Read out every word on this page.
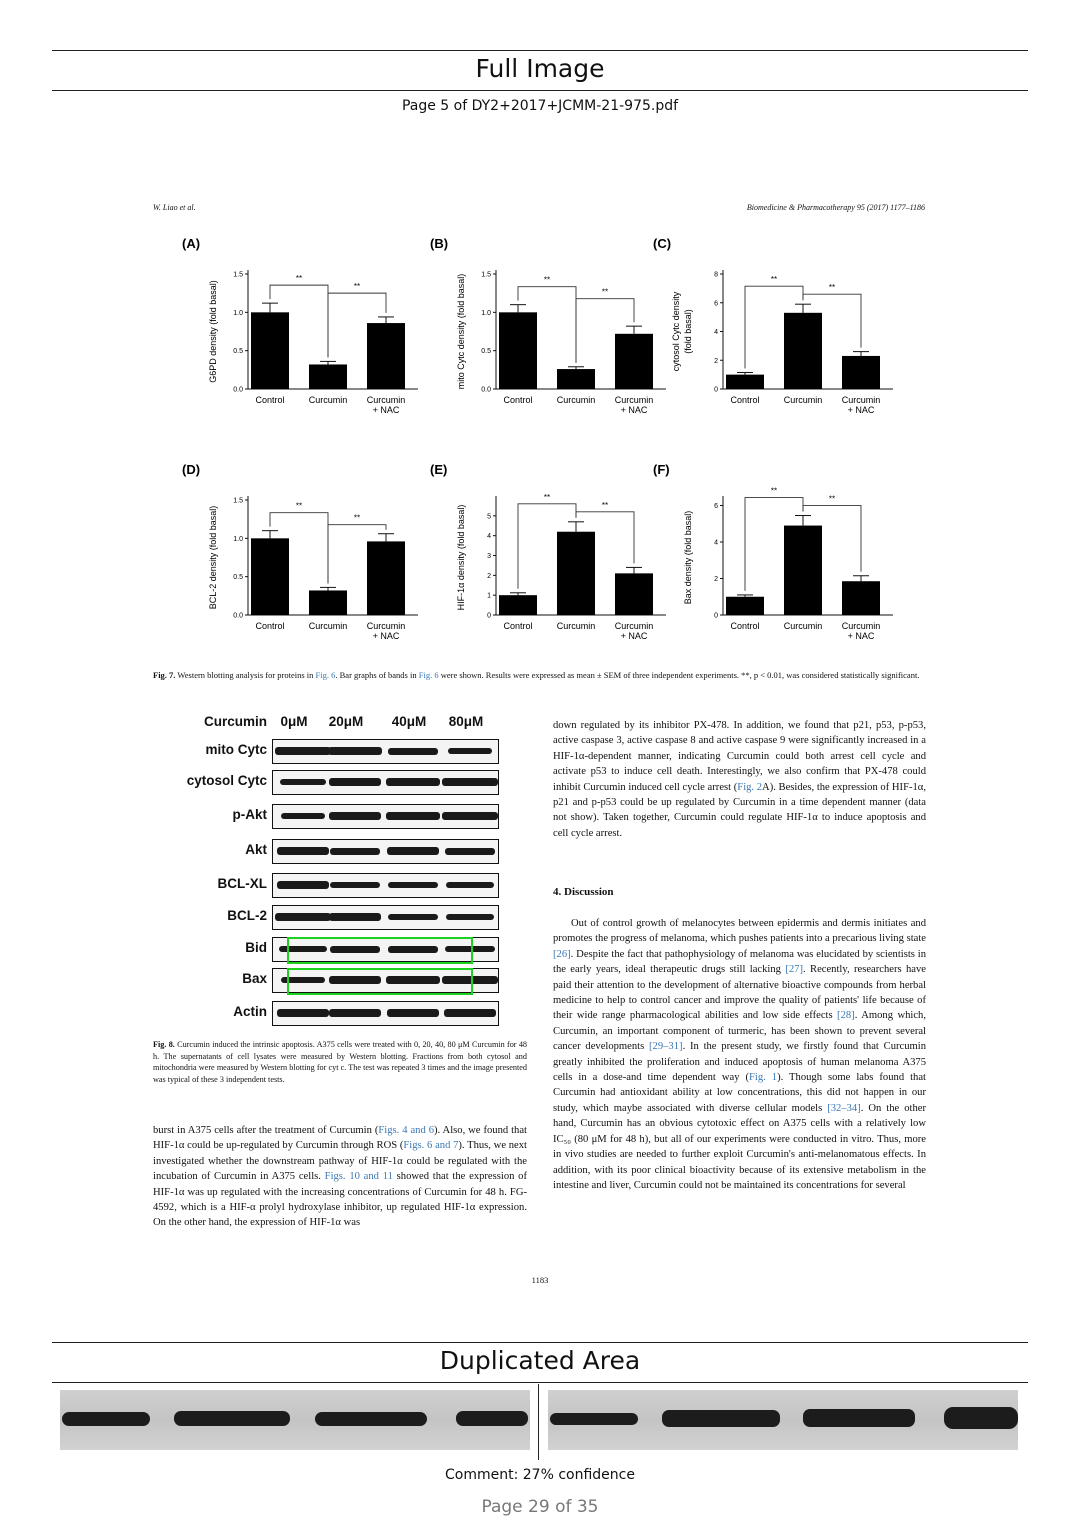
Full Image
Page 5 of DY2+2017+JCMM-21-975.pdf
W. Liao et al.	Biomedicine & Pharmacotherapy 95 (2017) 1177–1186
(A)
0.0
0.5
1.0
1.5
G6PD density (fold basal)
Control	Curcumin Curcumin
+ NAC
**
**
(B)
0.0
0.5
1.0
1.5
mito Cytc density (fold basal)
Control	Curcumin Curcumin
+ NAC
**
**
(C)
0
2
4
6
8
cytosol Cytc density (fold basal)
Control	Curcumin Curcumin
+ NAC
**
**
(D)
0.0
0.5
1.0
1.5
BCL-2 density (fold basal)
Control	Curcumin Curcumin
+ NAC
**
**
(E)
0
1
2
3
4
5
HIF-1α density (fold basal)
Control	Curcumin Curcumin
+ NAC
**
**
(F)
0
2
4
6
Bax density (fold basal)
Control	Curcumin Curcumin
+ NAC
**
**
Fig. 7. Western blotting analysis for proteins in Fig. 6. Bar graphs of bands in Fig. 6 were shown. Results were expressed as mean ± SEM of three independent experiments. **, p < 0.01, was considered statistically significant.
Curcumin 0μM	20μM	40μM	80μM
mito Cytc
cytosol Cytc
p-Akt
Akt
BCL-XL
BCL-2
Bid
Bax
Actin
Fig. 8. Curcumin induced the intrinsic apoptosis. A375 cells were treated with 0, 20, 40, 80 μM Curcumin for 48 h. The supernatants of cell lysates were measured by Western blotting. Fractions from both cytosol and mitochondria were measured by Western blotting for cyt c. The test was repeated 3 times and the image presented was typical of these 3 independent tests.

burst in A375 cells after the treatment of Curcumin (Figs. 4 and 6). Also, we found that HIF-1α could be up-regulated by Curcumin through ROS (Figs. 6 and 7). Thus, we next investigated whether the downstream pathway of HIF-1α could be regulated with the incubation of Curcumin in A375 cells. Figs. 10 and 11 showed that the expression of HIF-1α was up regulated with the increasing concentrations of Curcumin for 48 h. FG-4592, which is a HIF-α prolyl hydroxylase inhibitor, up regulated HIF-1α expression. On the other hand, the expression of HIF-1α was

down regulated by its inhibitor PX-478. In addition, we found that p21, p53, p-p53, active caspase 3, active caspase 8 and active caspase 9 were significantly increased in a HIF-1α-dependent manner, indicating Curcumin could both arrest cell cycle and activate p53 to induce cell death. Interestingly, we also confirm that PX-478 could inhibit Curcumin induced cell cycle arrest (Fig. 2A). Besides, the expression of HIF-1α, p21 and p-p53 could be up regulated by Curcumin in a time dependent manner (data not show). Taken together, Curcumin could regulate HIF-1α to induce apoptosis and cell cycle arrest.

4. Discussion

Out of control growth of melanocytes between epidermis and dermis initiates and promotes the progress of melanoma, which pushes patients into a precarious living state [26]. Despite the fact that pathophysiology of melanoma was elucidated by scientists in the early years, ideal therapeutic drugs still lacking [27]. Recently, researchers have paid their attention to the development of alternative bioactive compounds from herbal medicine to help to control cancer and improve the quality of patients' life because of their wide range pharmacological abilities and low side effects [28]. Among which, Curcumin, an important component of turmeric, has been shown to prevent several cancer developments [29–31]. In the present study, we firstly found that Curcumin greatly inhibited the proliferation and induced apoptosis of human melanoma A375 cells in a dose-and time dependent way (Fig. 1). Though some labs found that Curcumin had antioxidant ability at low concentrations, this did not happen in our study, which maybe associated with diverse cellular models [32–34]. On the other hand, Curcumin has an obvious cytotoxic effect on A375 cells with a relatively low IC₅₀ (80 μM for 48 h), but all of our experiments were conducted in vitro. Thus, more in vivo studies are needed to further exploit Curcumin's anti-melanomatous effects. In addition, with its poor clinical bioactivity because of its extensive metabolism in the intestine and liver, Curcumin could not be maintained its concentrations for several

1183
Duplicated Area
Comment: 27% confidence
Page 29 of 35
